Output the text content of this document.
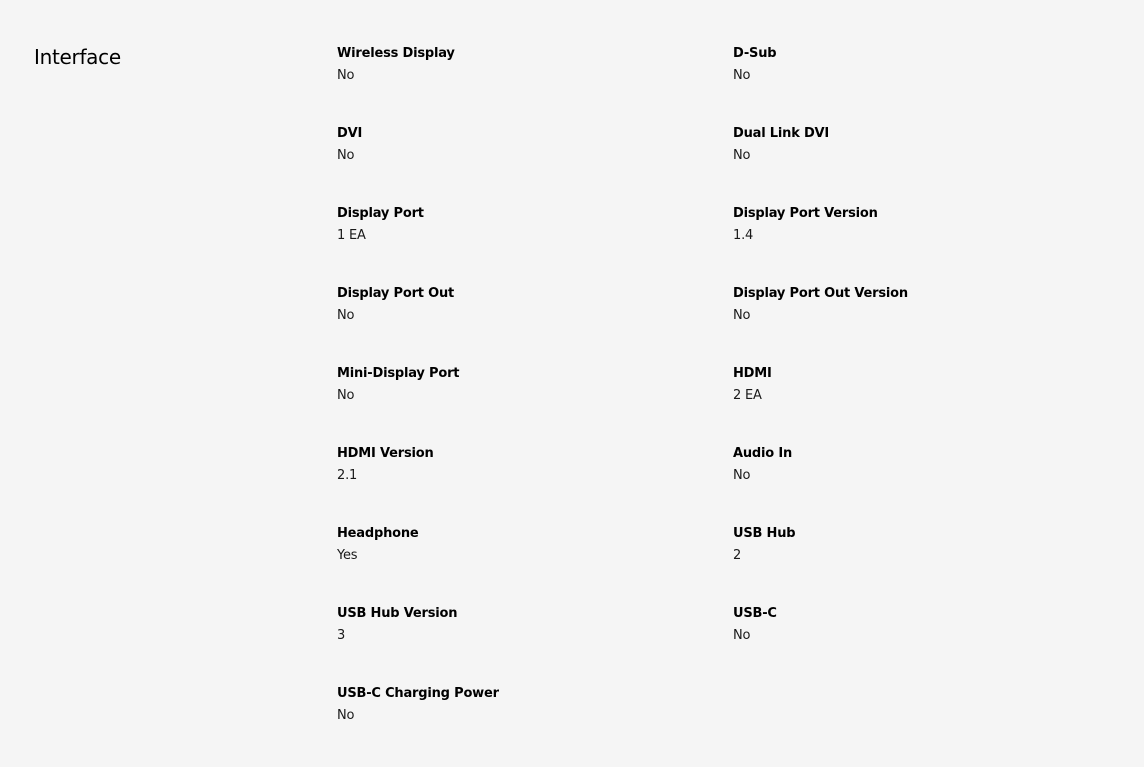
Interface	Wireless Display
No
D-Sub
No
DVI
No
Dual Link DVI
No
Display Port
1 EA
Display Port Version
1.4
Display Port Out
No
Display Port Out Version
No
Mini-Display Port
No
HDMI
2 EA
HDMI Version
2.1
Audio In
No
Headphone
Yes
USB Hub
2
USB Hub Version
3
USB-C
No
USB-C Charging Power
No
